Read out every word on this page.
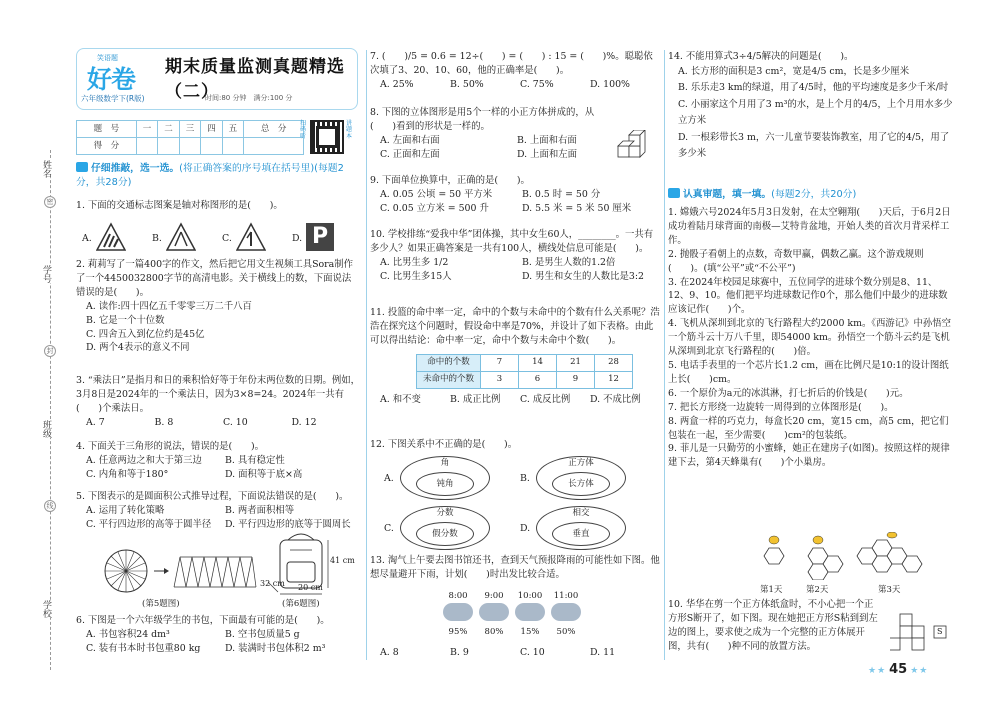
姓名
密
学号
封
班级
线
学校
笑语题
好卷
六年级数学下(R版)
期末质量监测真题精选（二）
时间:80 分钟　满分:100 分
题　号	一	二	三	四	五	总　分
得　分						
扫码听
讲题本
仔细推敲，选一选。(将正确答案的序号填在括号里)(每题2分，共28分)
1. 下面的交通标志图案是轴对称图形的是(　　)。
A.	B.	C.	D. P
2. 莉莉写了一篇400字的作文，然后把它用文生视频工具Sora制作了一个4450032800字节的高清电影。关于横线上的数，下面说法错误的是(　　)。
A. 读作:四十四亿五千零零三万二千八百
B. 它是一个十位数
C. 四舍五入到亿位约是45亿
D. 两个4表示的意义不同
3. “乘法日”是指月和日的乘积恰好等于年份末两位数的日期。例如，3月8日是2024年的一个乘法日，因为3×8=24。2024年一共有(　　)个乘法日。
A. 7	B. 8	C. 10	D. 12
4. 下面关于三角形的说法，错误的是(　　)。
A. 任意两边之和大于第三边	B. 具有稳定性
C. 内角和等于180°	D. 面积等于底×高
5. 下图表示的是圆面积公式推导过程，下面说法错误的是(　　)。
A. 运用了转化策略	B. 两者面积相等
C. 平行四边形的高等于圆半径	D. 平行四边形的底等于圆周长
(第5题图)
41 cm
20 cm
32 cm
(第6题图)
6. 下图是一个六年级学生的书包，下面最有可能的是(　　)。
A. 书包容积24 dm³	B. 空书包质量5 g
C. 装有书本时书包重80 kg	D. 装满时书包体积2 m³
7. (　　)/5 = 0.6 = 12÷(　　) = (　　) : 15 = (　　)%。聪聪依次填了3、20、10、60，他的正确率是(　　)。
A. 25%	B. 50%	C. 75%	D. 100%
8. 下图的立体图形是用5个一样的小正方体拼成的，从(　　)看到的形状是一样的。
A. 左面和右面	B. 上面和右面
C. 正面和左面	D. 上面和左面
9. 下面单位换算中，正确的是(　　)。
A. 0.05 公顷 = 50 平方米	B. 0.5 时 = 50 分
C. 0.05 立方米 = 500 升	D. 5.5 米 = 5 米 50 厘米
10. 学校排练“爱我中华”团体操，其中女生60人，________。一共有多少人？如果正确答案是一共有100人，横线处信息可能是(　　)。
A. 比男生多 1/2	B. 是男生人数的1.2倍
C. 比男生多15人	D. 男生和女生的人数比是3:2
11. 投篮的命中率一定，命中的个数与未命中的个数有什么关系呢？浩浩在探究这个问题时，假设命中率是70%，并设计了如下表格。由此可以得出结论：命中率一定，命中个数与未命中个数(　　)。
命中的个数	7	14	21	28
未命中的个数	3	6	9	12
A. 和不变	B. 成正比例	C. 成反比例	D. 不成比例
12. 下图关系中不正确的是(　　)。
A.
角
钝角	B.
正方体
长方体
C.
分数
假分数	D.
相交
垂直
13. 淘气上午要去图书馆还书，查到天气预报降雨的可能性如下图。他想尽量避开下雨，计划(　　)时出发比较合适。
8:00	9:00	10:00	11:00
95%	80%	15%	50%
A. 8	B. 9	C. 10	D. 11
14. 不能用算式3÷4/5解决的问题是(　　)。
A. 长方形的面积是3 cm²，宽是4/5 cm，长是多少厘米
B. 乐乐走3 km的绿道，用了4/5时，他的平均速度是多少千米/时
C. 小丽家这个月用了3 m³的水，是上个月的4/5，上个月用水多少立方米
D. 一根彩带长3 m，六一儿童节要装饰教室，用了它的4/5，用了多少米
认真审题，填一填。(每题2分，共20分)
1. 嫦娥六号2024年5月3日发射，在太空翱翔(　　)天后，于6月2日成功着陆月球背面的南极—艾特肯盆地，开始人类的首次月背采样工作。
2. 抛骰子看朝上的点数，奇数甲赢，偶数乙赢。这个游戏规则(　　)。(填“公平”或“不公平”)
3. 在2024年校园足球赛中，五位同学的进球个数分别是8、11、12、9、10。他们把平均进球数记作0个，那么他们中最少的进球数应该记作(　　)个。
4. 飞机从深圳到北京的飞行路程大约2000 km。《西游记》中孙悟空一个筋斗云十万八千里，即54000 km。孙悟空一个筋斗云约是飞机从深圳到北京飞行路程的(　　)倍。
5. 电话手表里的一个芯片长1.2 cm，画在比例尺是10:1的设计图纸上长(　　)cm。
6. 一个原价为a元的冰淇淋，打七折后的价钱是(　　)元。
7. 把长方形绕一边旋转一周得到的立体图形是(　　)。
8. 两盒一样的巧克力，每盒长20 cm，宽15 cm，高5 cm，把它们包装在一起，至少需要(　　)cm²的包装纸。
9. 菲儿是一只勤劳的小蜜蜂，她正在建房子(如图)。按照这样的规律建下去，第4天蜂巢有(　　)个小巢房。
第1天	第2天	第3天
10. 华华在剪一个正方体纸盒时，不小心把一个正方形S断开了，如下图。现在她把正方形S粘到到左边的图上，要求使之成为一个完整的正方体展开图，共有(　　)种不同的放置方法。
S
★★ 45 ★★
